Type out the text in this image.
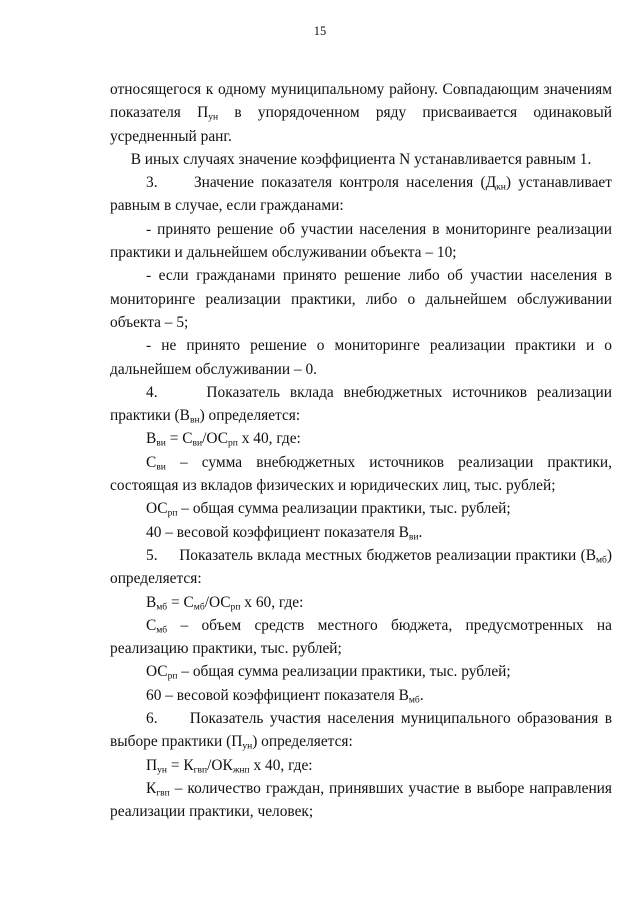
15

относящегося к одному муниципальному району. Совпадающим значениям показателя $П_{ун}$ в упорядоченном ряду присваивается одинаковый усредненный ранг.

В иных случаях значение коэффициента N устанавливается равным 1.

3.     Значение показателя контроля населения $(Д_{кн})$ устанавливает равным в случае, если гражданами:

- принято решение об участии населения в мониторинге реализации практики и дальнейшем обслуживании объекта – 10;

- если гражданами принято решение либо об участии населения в мониторинге реализации практики, либо о дальнейшем обслуживании объекта – 5;

- не принято решение о мониторинге реализации практики и о дальнейшем обслуживании – 0.

4.     Показатель вклада внебюджетных источников реализации практики $(В_{вн})$ определяется:

$В_{ви} = С_{ви}/ОС_{рп}$ х 40, где:

$С_{ви}$ – сумма внебюджетных источников реализации практики, состоящая из вкладов физических и юридических лиц, тыс. рублей;

$ОС_{рп}$ – общая сумма реализации практики, тыс. рублей;

40 – весовой коэффициент показателя $В_{ви}$.

5.     Показатель вклада местных бюджетов реализации практики $(В_{мб})$ определяется:

$В_{мб} = С_{мб}/ОС_{рп}$ х 60, где:

$С_{мб}$ – объем средств местного бюджета, предусмотренных на реализацию практики, тыс. рублей;

$ОС_{рп}$ – общая сумма реализации практики, тыс. рублей;

60 – весовой коэффициент показателя $В_{мб}$.

6.     Показатель участия населения муниципального образования в выборе практики $(П_{ун})$ определяется:

$П_{ун} = К_{гвп}/ОК_{жнп}$ х 40, где:

$К_{гвп}$ – количество граждан, принявших участие в выборе направления реализации практики, человек;
